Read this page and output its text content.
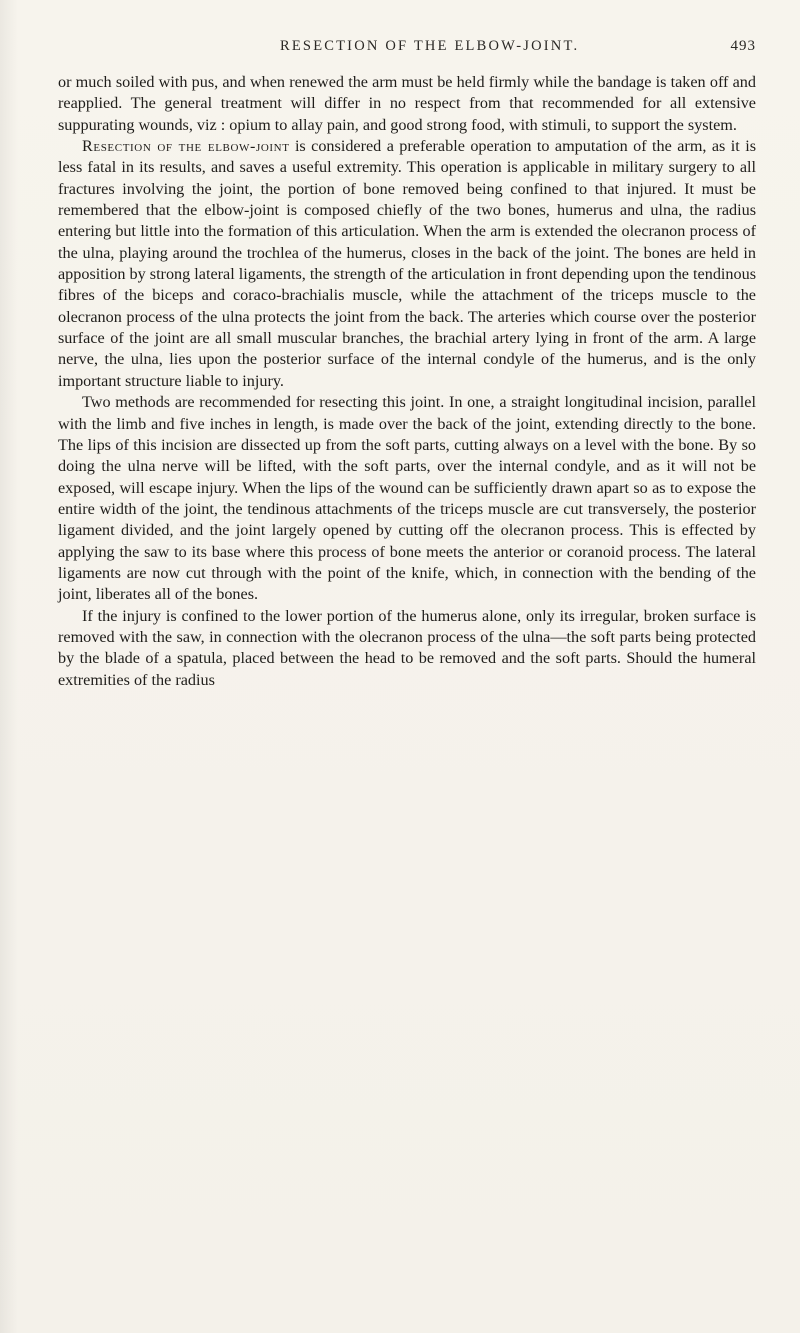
RESECTION OF THE ELBOW-JOINT.	493

or much soiled with pus, and when renewed the arm must be held firmly while the bandage is taken off and reapplied. The general treatment will differ in no respect from that recommended for all extensive suppurating wounds, viz : opium to allay pain, and good strong food, with stimuli, to support the system.

Resection of the elbow-joint is considered a preferable operation to amputation of the arm, as it is less fatal in its results, and saves a useful extremity. This operation is applicable in military surgery to all fractures involving the joint, the portion of bone removed being confined to that injured. It must be remembered that the elbow-joint is composed chiefly of the two bones, humerus and ulna, the radius entering but little into the formation of this articulation. When the arm is extended the olecranon process of the ulna, playing around the trochlea of the humerus, closes in the back of the joint. The bones are held in apposition by strong lateral ligaments, the strength of the articulation in front depending upon the tendinous fibres of the biceps and coraco-brachialis muscle, while the attachment of the triceps muscle to the olecranon process of the ulna protects the joint from the back. The arteries which course over the posterior surface of the joint are all small muscular branches, the brachial artery lying in front of the arm. A large nerve, the ulna, lies upon the posterior surface of the internal condyle of the humerus, and is the only important structure liable to injury.

Two methods are recommended for resecting this joint. In one, a straight longitudinal incision, parallel with the limb and five inches in length, is made over the back of the joint, extending directly to the bone. The lips of this incision are dissected up from the soft parts, cutting always on a level with the bone. By so doing the ulna nerve will be lifted, with the soft parts, over the internal condyle, and as it will not be exposed, will escape injury. When the lips of the wound can be sufficiently drawn apart so as to expose the entire width of the joint, the tendinous attachments of the triceps muscle are cut transversely, the posterior ligament divided, and the joint largely opened by cutting off the olecranon process. This is effected by applying the saw to its base where this process of bone meets the anterior or coranoid process. The lateral ligaments are now cut through with the point of the knife, which, in connection with the bending of the joint, liberates all of the bones.

If the injury is confined to the lower portion of the humerus alone, only its irregular, broken surface is removed with the saw, in connection with the olecranon process of the ulna—the soft parts being protected by the blade of a spatula, placed between the head to be removed and the soft parts. Should the humeral extremities of the radius
